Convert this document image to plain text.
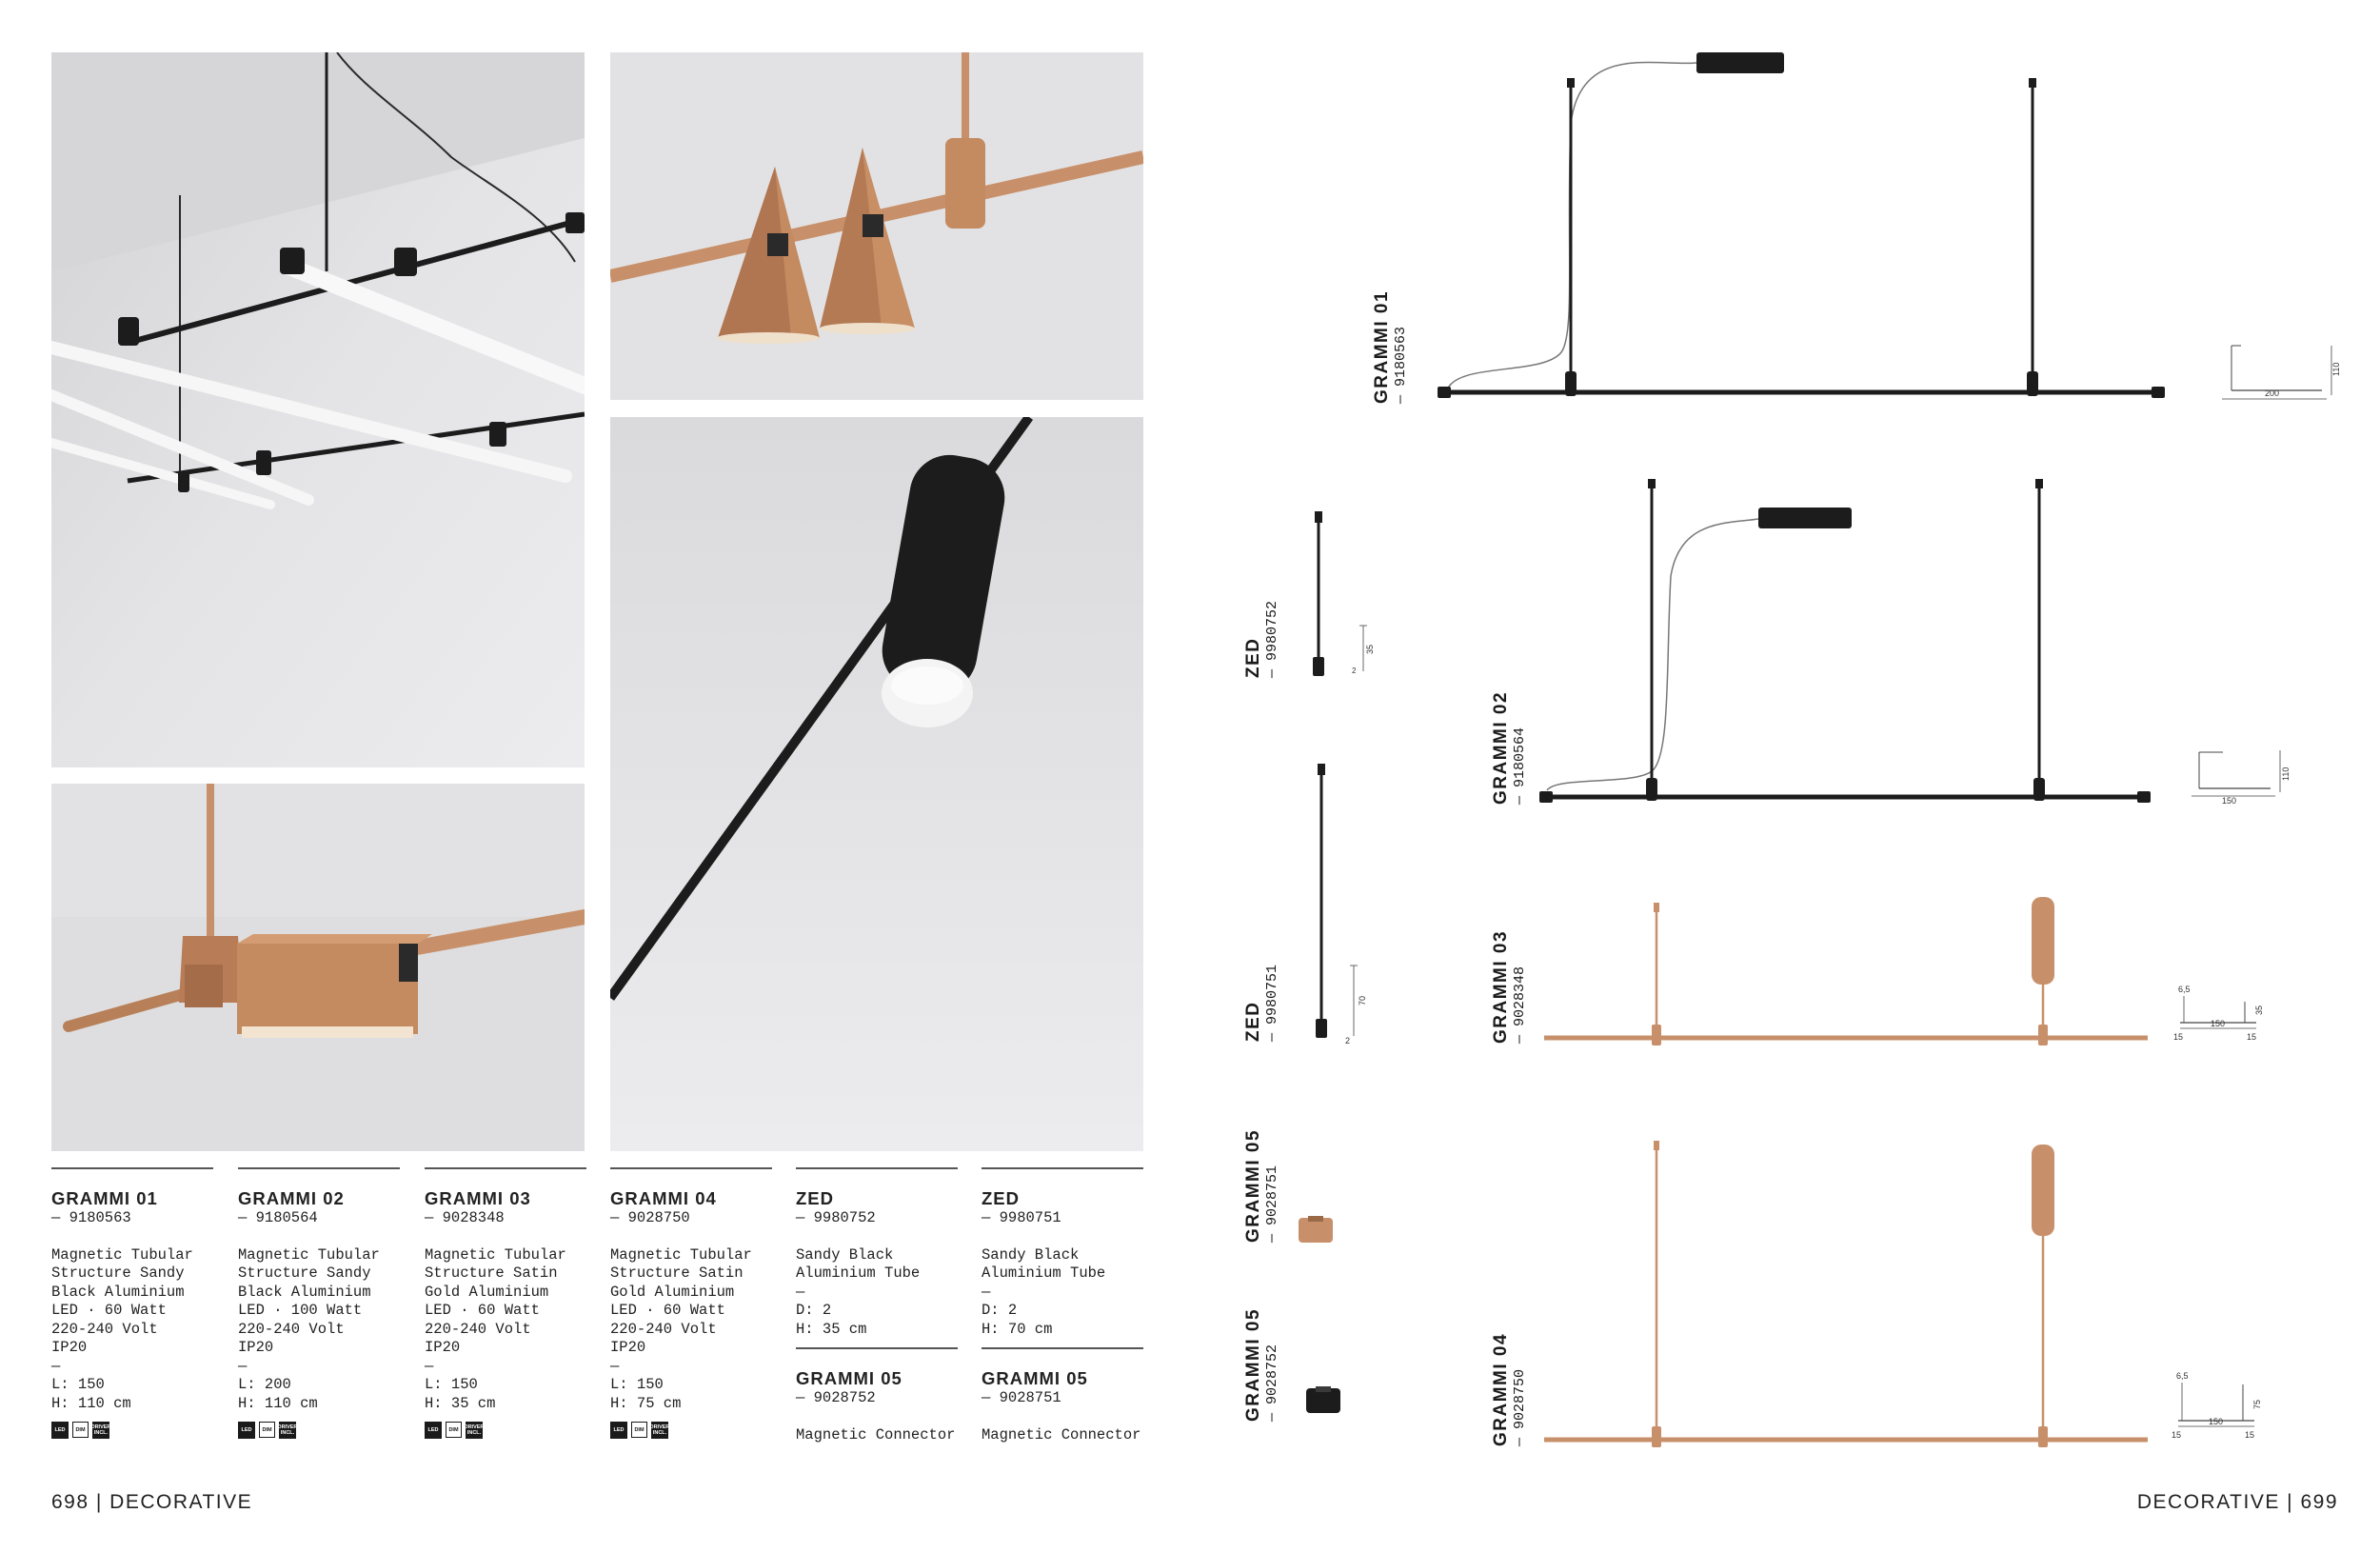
GRAMMI 01
— 9180563
Magnetic Tubular
Structure Sandy
Black Aluminium
LED · 60 Watt
220-240 Volt
IP20
—
L: 150
H: 110 cm
LED	DIM	DRIVER INCL.
GRAMMI 02
— 9180564
Magnetic Tubular
Structure Sandy
Black Aluminium
LED · 100 Watt
220-240 Volt
IP20
—
L: 200
H: 110 cm
LED	DIM	DRIVER INCL.
GRAMMI 03
— 9028348
Magnetic Tubular
Structure Satin
Gold Aluminium
LED · 60 Watt
220-240 Volt
IP20
—
L: 150
H: 35 cm
LED	DIM	DRIVER INCL.
GRAMMI 04
— 9028750
Magnetic Tubular
Structure Satin
Gold Aluminium
LED · 60 Watt
220-240 Volt
IP20
—
L: 150
H: 75 cm
LED	DIM	DRIVER INCL.
ZED
— 9980752
Sandy Black
Aluminium Tube
—
D: 2
H: 35 cm
GRAMMI 05
— 9028752
Magnetic Connector
ZED
— 9980751
Sandy Black
Aluminium Tube
—
D: 2
H: 70 cm
GRAMMI 05
— 9028751
Magnetic Connector
698 | DECORATIVE	DECORATIVE | 699
GRAMMI 01 — 9180563	200
110
ZED — 9980752	35
2
GRAMMI 02 — 9180564	150
110
ZED — 9980751	70
2	GRAMMI 03 — 9028348	6,5
150
15	15
35
GRAMMI 05 — 9028751
GRAMMI 05 — 9028752	GRAMMI 04 — 9028750	6,5
150
15	15
75
